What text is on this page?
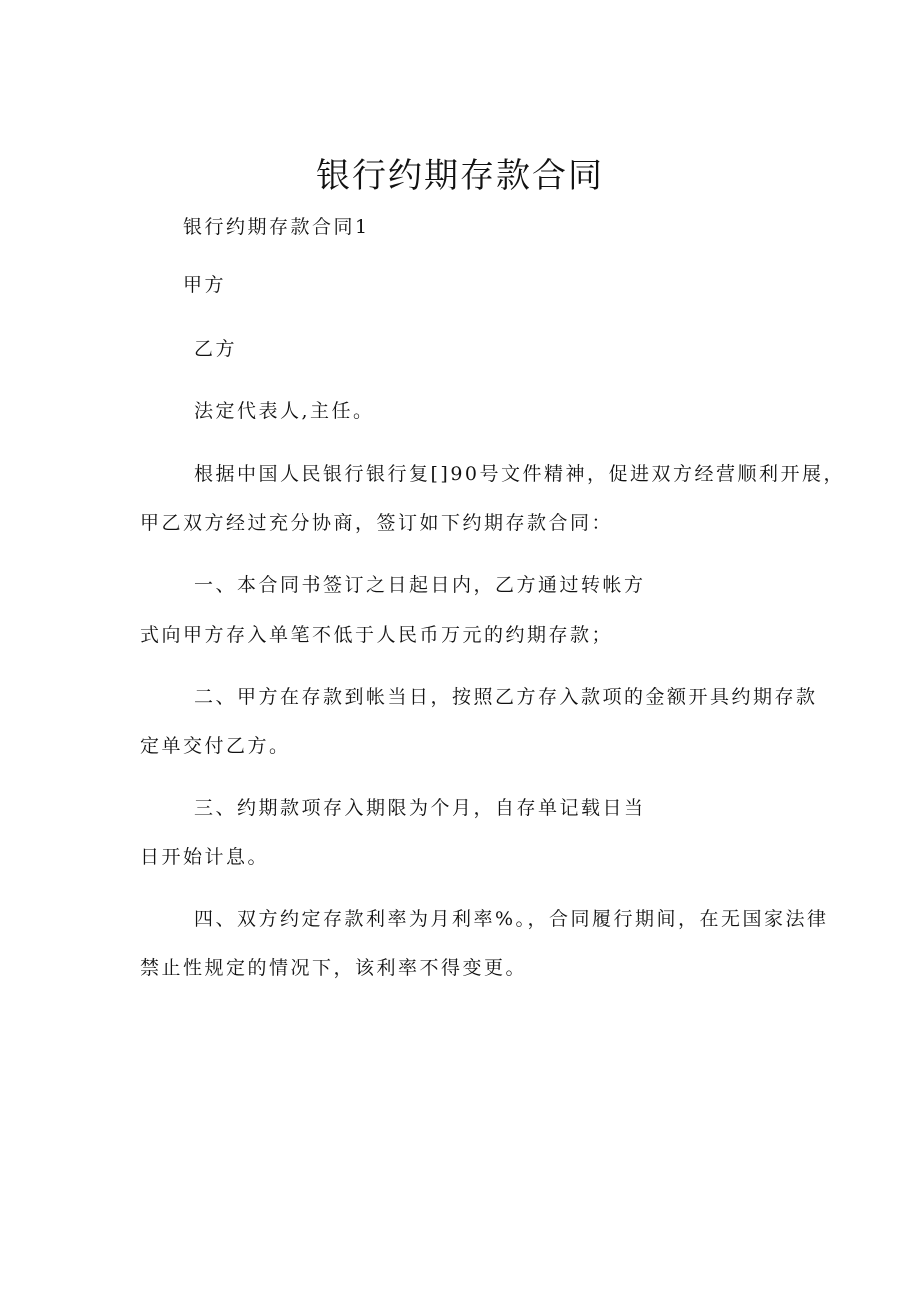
银行约期存款合同
银行约期存款合同1
甲方
乙方
法定代表人,主任。
根据中国人民银行银行复[]90号文件精神，促进双方经营顺利开展，
甲乙双方经过充分协商，签订如下约期存款合同：
一、本合同书签订之日起日内，乙方通过转帐方
式向甲方存入单笔不低于人民币万元的约期存款；
二、甲方在存款到帐当日，按照乙方存入款项的金额开具约期存款
定单交付乙方。
三、约期款项存入期限为个月，自存单记载日当
日开始计息。
四、双方约定存款利率为月利率%。，合同履行期间，在无国家法律
禁止性规定的情况下，该利率不得变更。
